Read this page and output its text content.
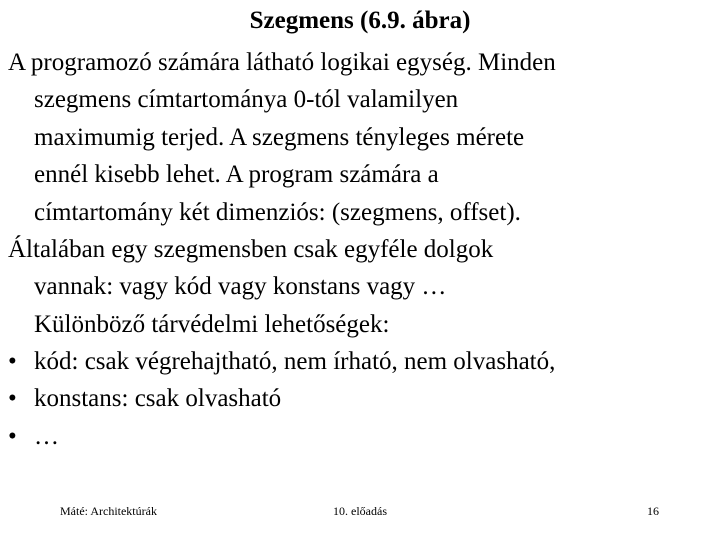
Szegmens (6.9. ábra)
A programozó számára látható logikai egység. Minden
szegmens címtartománya 0-tól valamilyen
maximumig terjed. A szegmens tényleges mérete
ennél kisebb lehet. A program számára a
címtartomány két dimenziós: (szegmens, offset).
Általában egy szegmensben csak egyféle dolgok
vannak: vagy kód vagy konstans vagy …
Különböző tárvédelmi lehetőségek:
• kód: csak végrehajtható, nem írható, nem olvasható,
• konstans: csak olvasható
• …
10. előadás
Máté: Architektúrák	16
